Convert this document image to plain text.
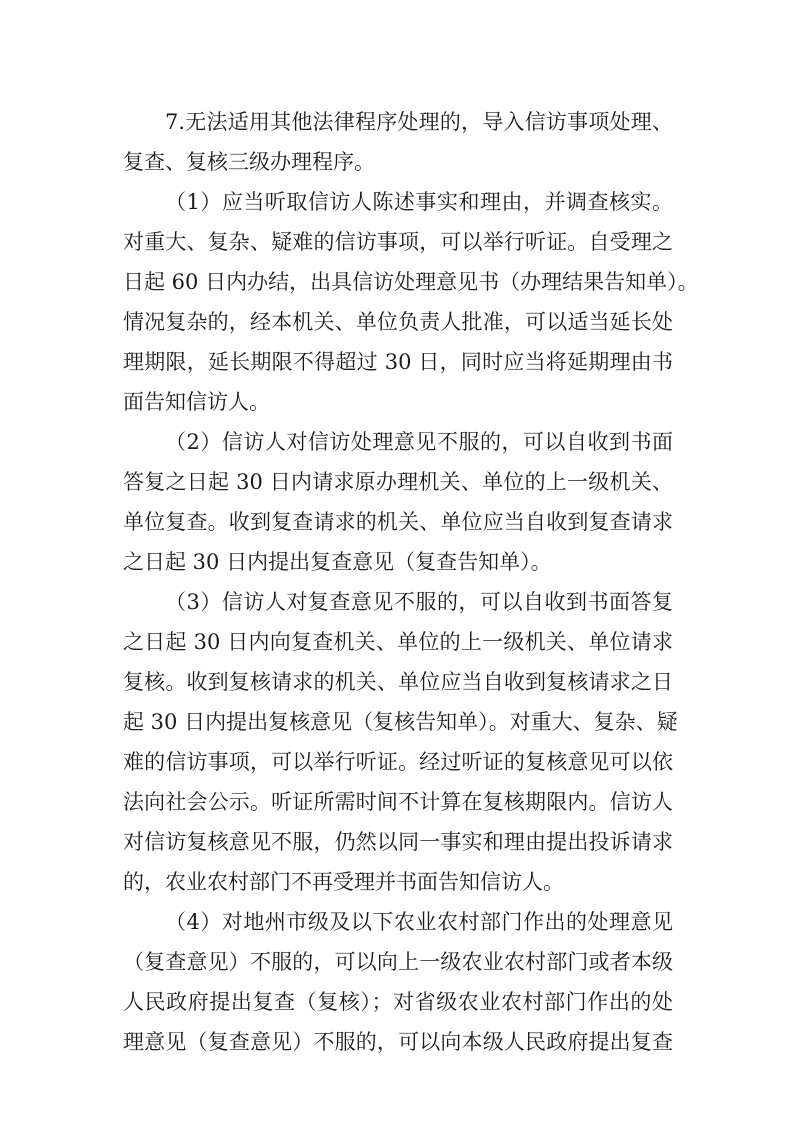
7.无法适用其他法律程序处理的，导入信访事项处理、
复查、复核三级办理程序。
（1）应当听取信访人陈述事实和理由，并调查核实。
对重大、复杂、疑难的信访事项，可以举行听证。自受理之
日起 60 日内办结，出具信访处理意见书（办理结果告知单）。
情况复杂的，经本机关、单位负责人批准，可以适当延长处
理期限，延长期限不得超过 30 日，同时应当将延期理由书
面告知信访人。
（2）信访人对信访处理意见不服的，可以自收到书面
答复之日起 30 日内请求原办理机关、单位的上一级机关、
单位复查。收到复查请求的机关、单位应当自收到复查请求
之日起 30 日内提出复查意见（复查告知单）。
（3）信访人对复查意见不服的，可以自收到书面答复
之日起 30 日内向复查机关、单位的上一级机关、单位请求
复核。收到复核请求的机关、单位应当自收到复核请求之日
起 30 日内提出复核意见（复核告知单）。对重大、复杂、疑
难的信访事项，可以举行听证。经过听证的复核意见可以依
法向社会公示。听证所需时间不计算在复核期限内。信访人
对信访复核意见不服，仍然以同一事实和理由提出投诉请求
的，农业农村部门不再受理并书面告知信访人。
（4）对地州市级及以下农业农村部门作出的处理意见
（复查意见）不服的，可以向上一级农业农村部门或者本级
人民政府提出复查（复核）；对省级农业农村部门作出的处
理意见（复查意见）不服的，可以向本级人民政府提出复查
